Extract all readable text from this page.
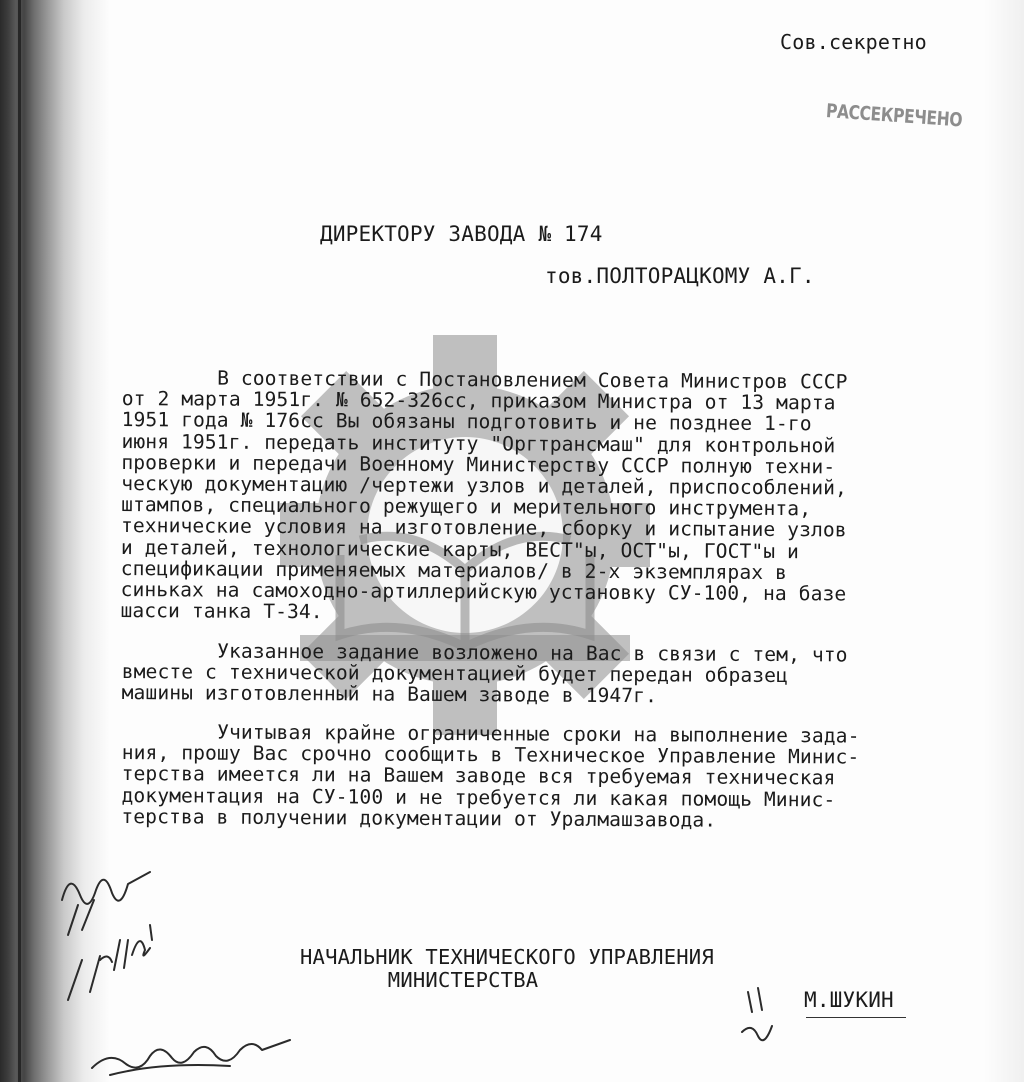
Сов.секретно
РАССЕКРЕЧЕНО
ДИРЕКТОРУ ЗАВОДА № 174
тов.ПОЛТОРАЦКОМУ А.Г.
В соответствии с Постановлением Совета Министров СССР
от 2 марта 1951г. № 652-326сс, приказом Министра от 13 марта
1951 года № 176сс Вы обязаны подготовить и не позднее 1-го
июня 1951г. передать институту "Оргтрансмаш" для контрольной
проверки и передачи Военному Министерству СССР полную техни-
ческую документацию /чертежи узлов и деталей, приспособлений,
штампов, специального режущего и мерительного инструмента,
технические условия на изготовление, сборку и испытание узлов
и деталей, технологические карты, ВЕСТ"ы, ОСТ"ы, ГОСТ"ы и
спецификации применяемых материалов/ в 2-х экземплярах в
синьках на самоходно-артиллерийскую установку СУ-100, на базе
шасси танка Т-34.
Указанное задание возложено на Вас в связи с тем, что
вместе с технической документацией будет передан образец
машины изготовленный на Вашем заводе в 1947г.
Учитывая крайне ограниченные сроки на выполнение зада-
ния, прошу Вас срочно сообщить в Техническое Управление Минис-
терства имеется ли на Вашем заводе вся требуемая техническая
документация на СУ-100 и не требуется ли какая помощь Минис-
терства в получении документации от Уралмашзавода.
НАЧАЛЬНИК ТЕХНИЧЕСКОГО УПРАВЛЕНИЯ
МИНИСТЕРСТВА
М.ШУКИН
